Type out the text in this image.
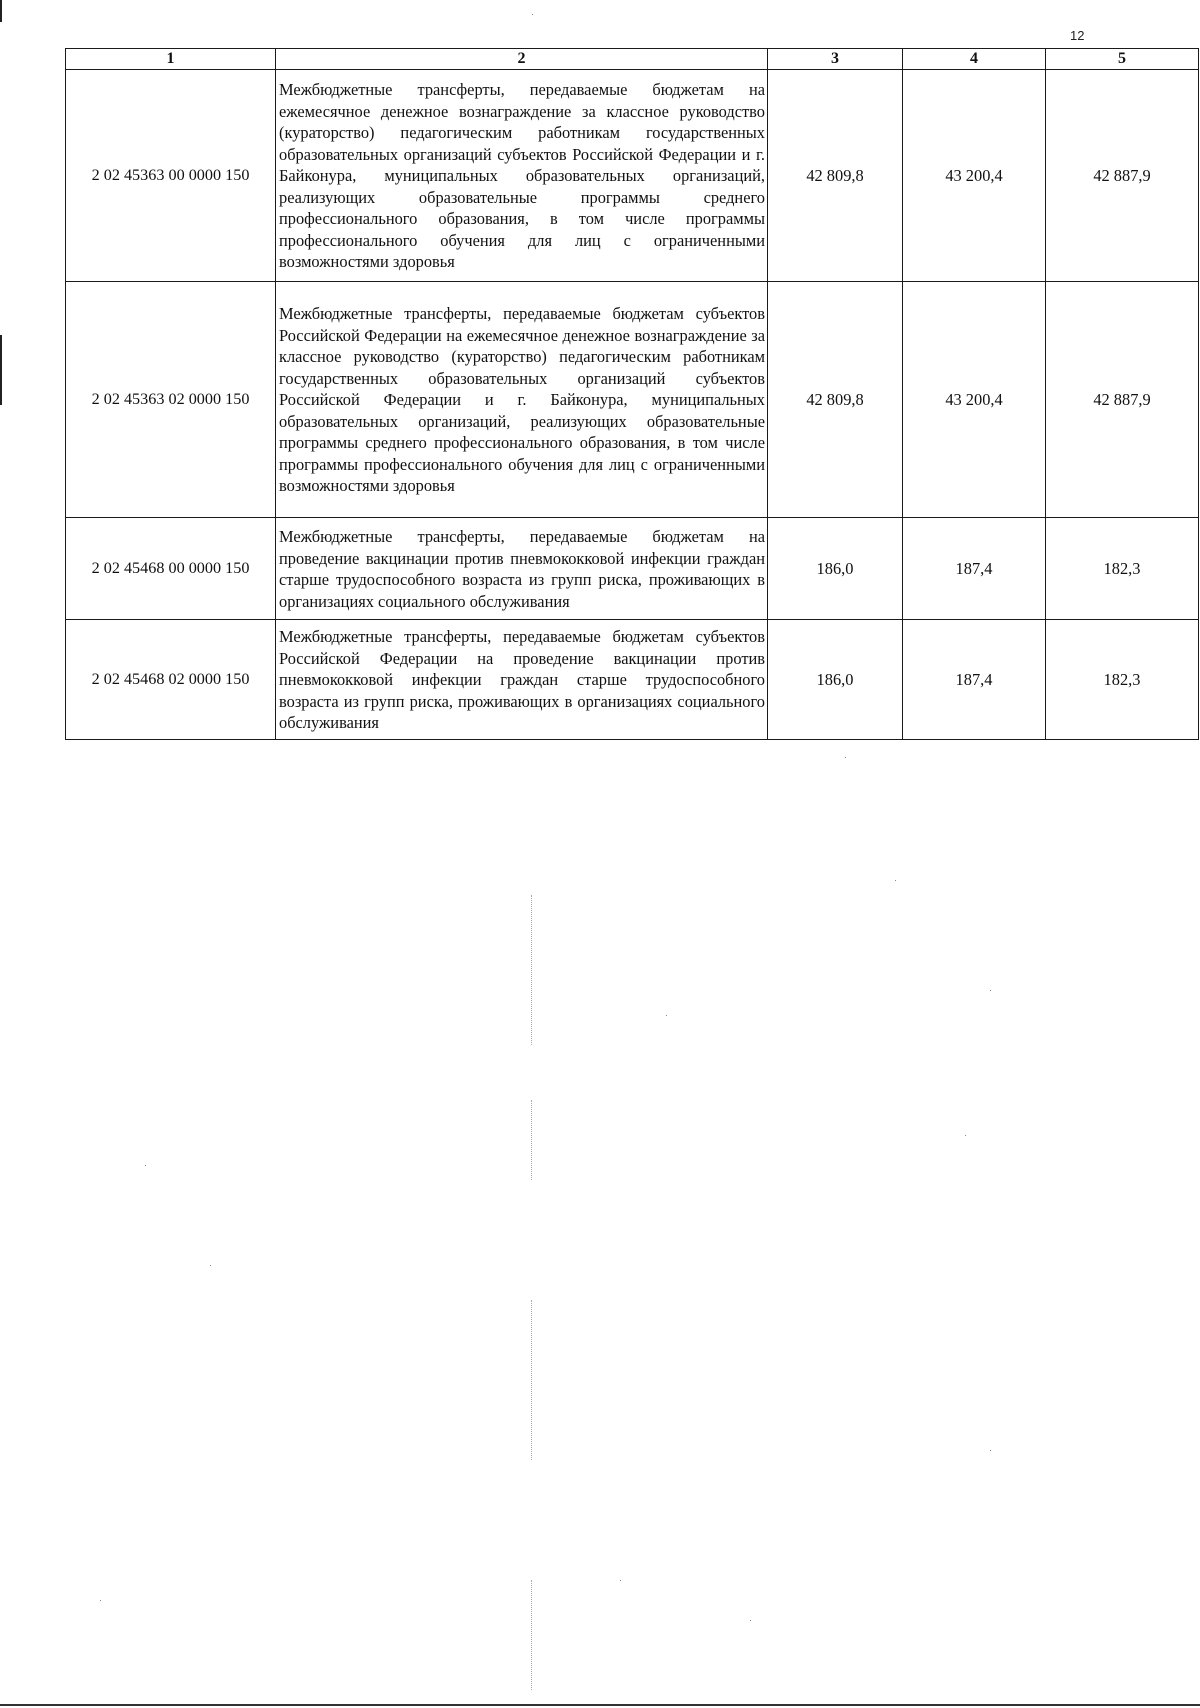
12
1	2	3	4	5
2 02 45363 00 0000 150	Межбюджетные трансферты, передаваемые бюджетам на ежемесячное денежное вознаграждение за классное руководство (кураторство) педагогическим работникам государственных образовательных организаций субъектов Российской Федерации и г. Байконура, муниципальных образовательных организаций, реализующих образовательные программы среднего профессионального образования, в том числе программы профессионального обучения для лиц с ограниченными возможностями здоровья	42 809,8	43 200,4	42 887,9
2 02 45363 02 0000 150	Межбюджетные трансферты, передаваемые бюджетам субъектов Российской Федерации на ежемесячное денежное вознаграждение за классное руководство (кураторство) педагогическим работникам государственных образовательных организаций субъектов Российской Федерации и г. Байконура, муниципальных образовательных организаций, реализующих образовательные программы среднего профессионального образования, в том числе программы профессионального обучения для лиц с ограниченными возможностями здоровья	42 809,8	43 200,4	42 887,9
2 02 45468 00 0000 150	Межбюджетные трансферты, передаваемые бюджетам на проведение вакцинации против пневмококковой инфекции граждан старше трудоспособного возраста из групп риска, проживающих в организациях социального обслуживания	186,0	187,4	182,3
2 02 45468 02 0000 150	Межбюджетные трансферты, передаваемые бюджетам субъектов Российской Федерации на проведение вакцинации против пневмококковой инфекции граждан старше трудоспособного возраста из групп риска, проживающих в организациях социального обслуживания	186,0	187,4	182,3
